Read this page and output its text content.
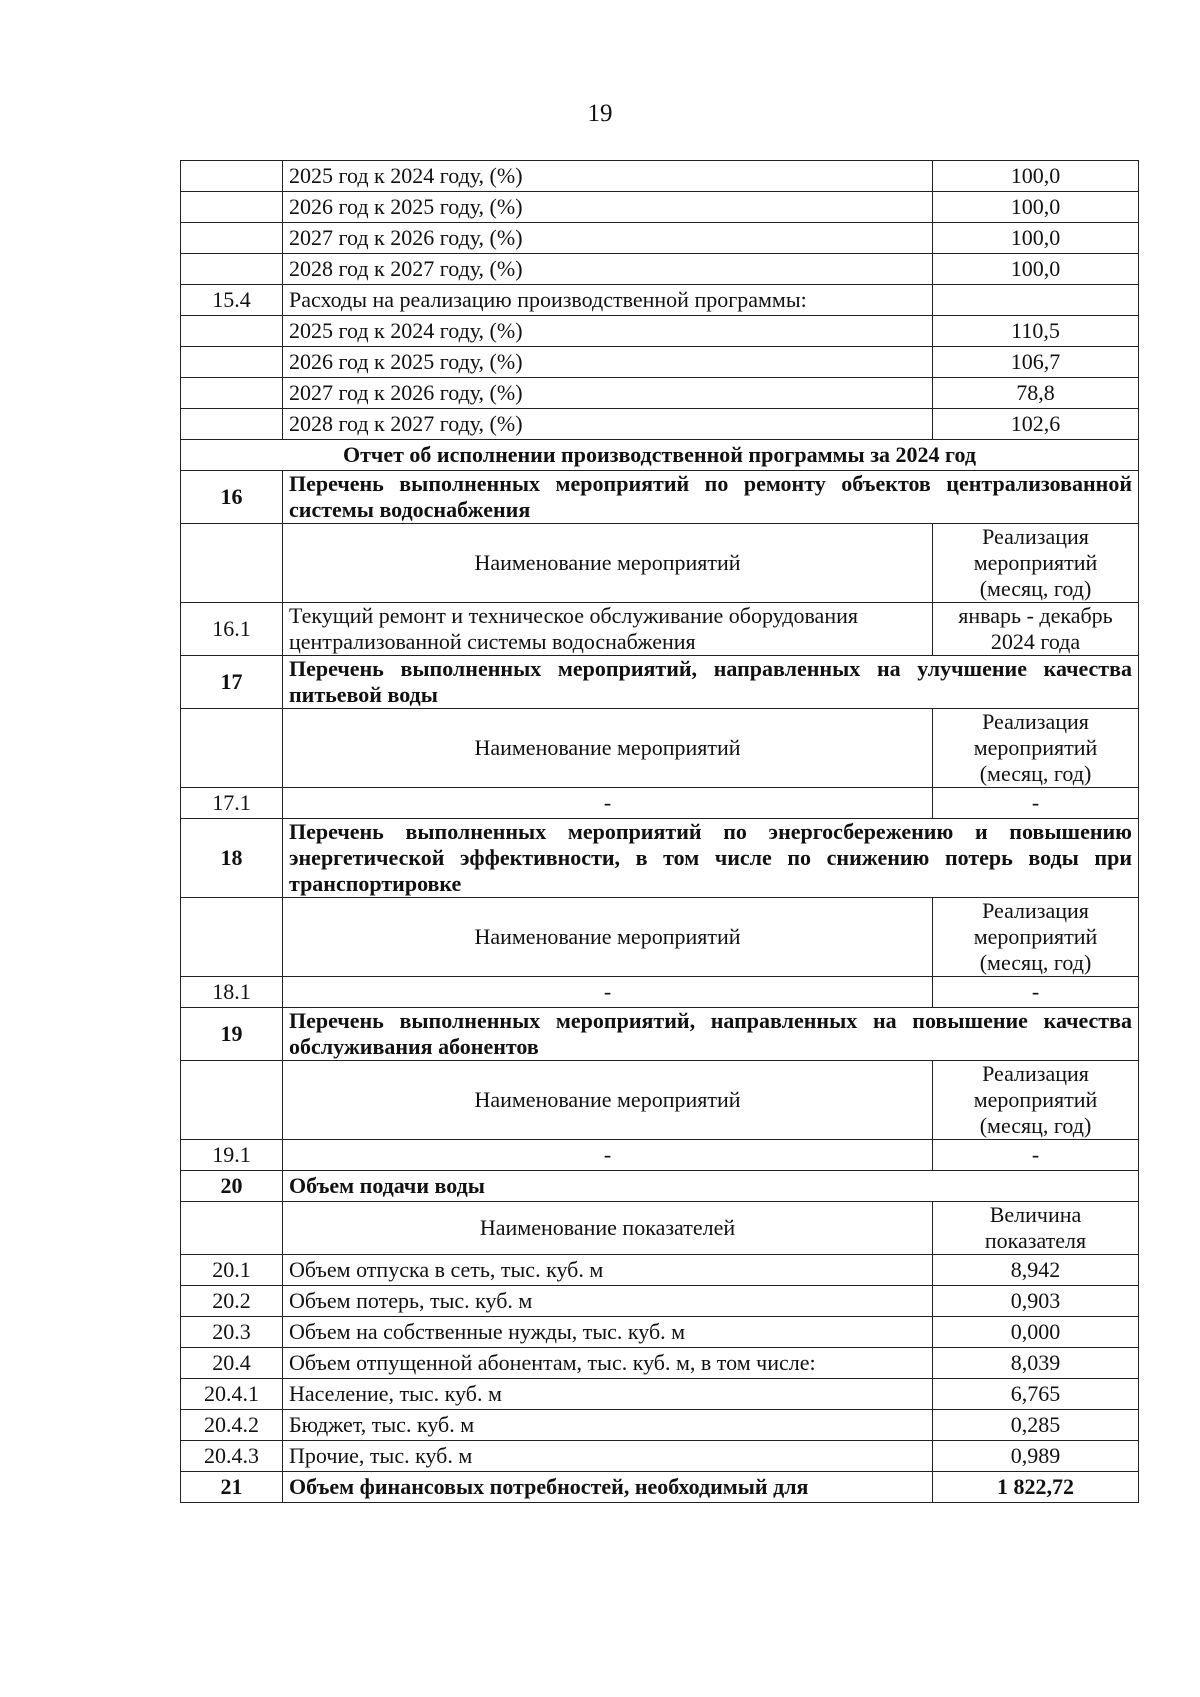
19
	2025 год к 2024 году, (%)	100,0
	2026 год к 2025 году, (%)	100,0
	2027 год к 2026 году, (%)	100,0
	2028 год к 2027 году, (%)	100,0
15.4	Расходы на реализацию производственной программы:	
	2025 год к 2024 году, (%)	110,5
	2026 год к 2025 году, (%)	106,7
	2027 год к 2026 году, (%)	78,8
	2028 год к 2027 году, (%)	102,6
Отчет об исполнении производственной программы за 2024 год		
16	Перечень выполненных мероприятий по ремонту объектов централизованной системы водоснабжения	
	Наименование мероприятий	Реализация мероприятий (месяц, год)
16.1	Текущий ремонт и техническое обслуживание оборудования централизованной системы водоснабжения	январь - декабрь 2024 года
17	Перечень выполненных мероприятий, направленных на улучшение качества питьевой воды	
	Наименование мероприятий	Реализация мероприятий (месяц, год)
17.1	-	-
18	Перечень выполненных мероприятий по энергосбережению и повышению энергетической эффективности, в том числе по снижению потерь воды при транспортировке	
	Наименование мероприятий	Реализация мероприятий (месяц, год)
18.1	-	-
19	Перечень выполненных мероприятий, направленных на повышение качества обслуживания абонентов	
	Наименование мероприятий	Реализация мероприятий (месяц, год)
19.1	-	-
20	Объем подачи воды	
	Наименование показателей	Величина показателя
20.1	Объем отпуска в сеть, тыс. куб. м	8,942
20.2	Объем потерь, тыс. куб. м	0,903
20.3	Объем на собственные нужды, тыс. куб. м	0,000
20.4	Объем отпущенной абонентам, тыс. куб. м, в том числе:	8,039
20.4.1	Население, тыс. куб. м	6,765
20.4.2	Бюджет, тыс. куб. м	0,285
20.4.3	Прочие, тыс. куб. м	0,989
21	Объем финансовых потребностей, необходимый для	1 822,72
